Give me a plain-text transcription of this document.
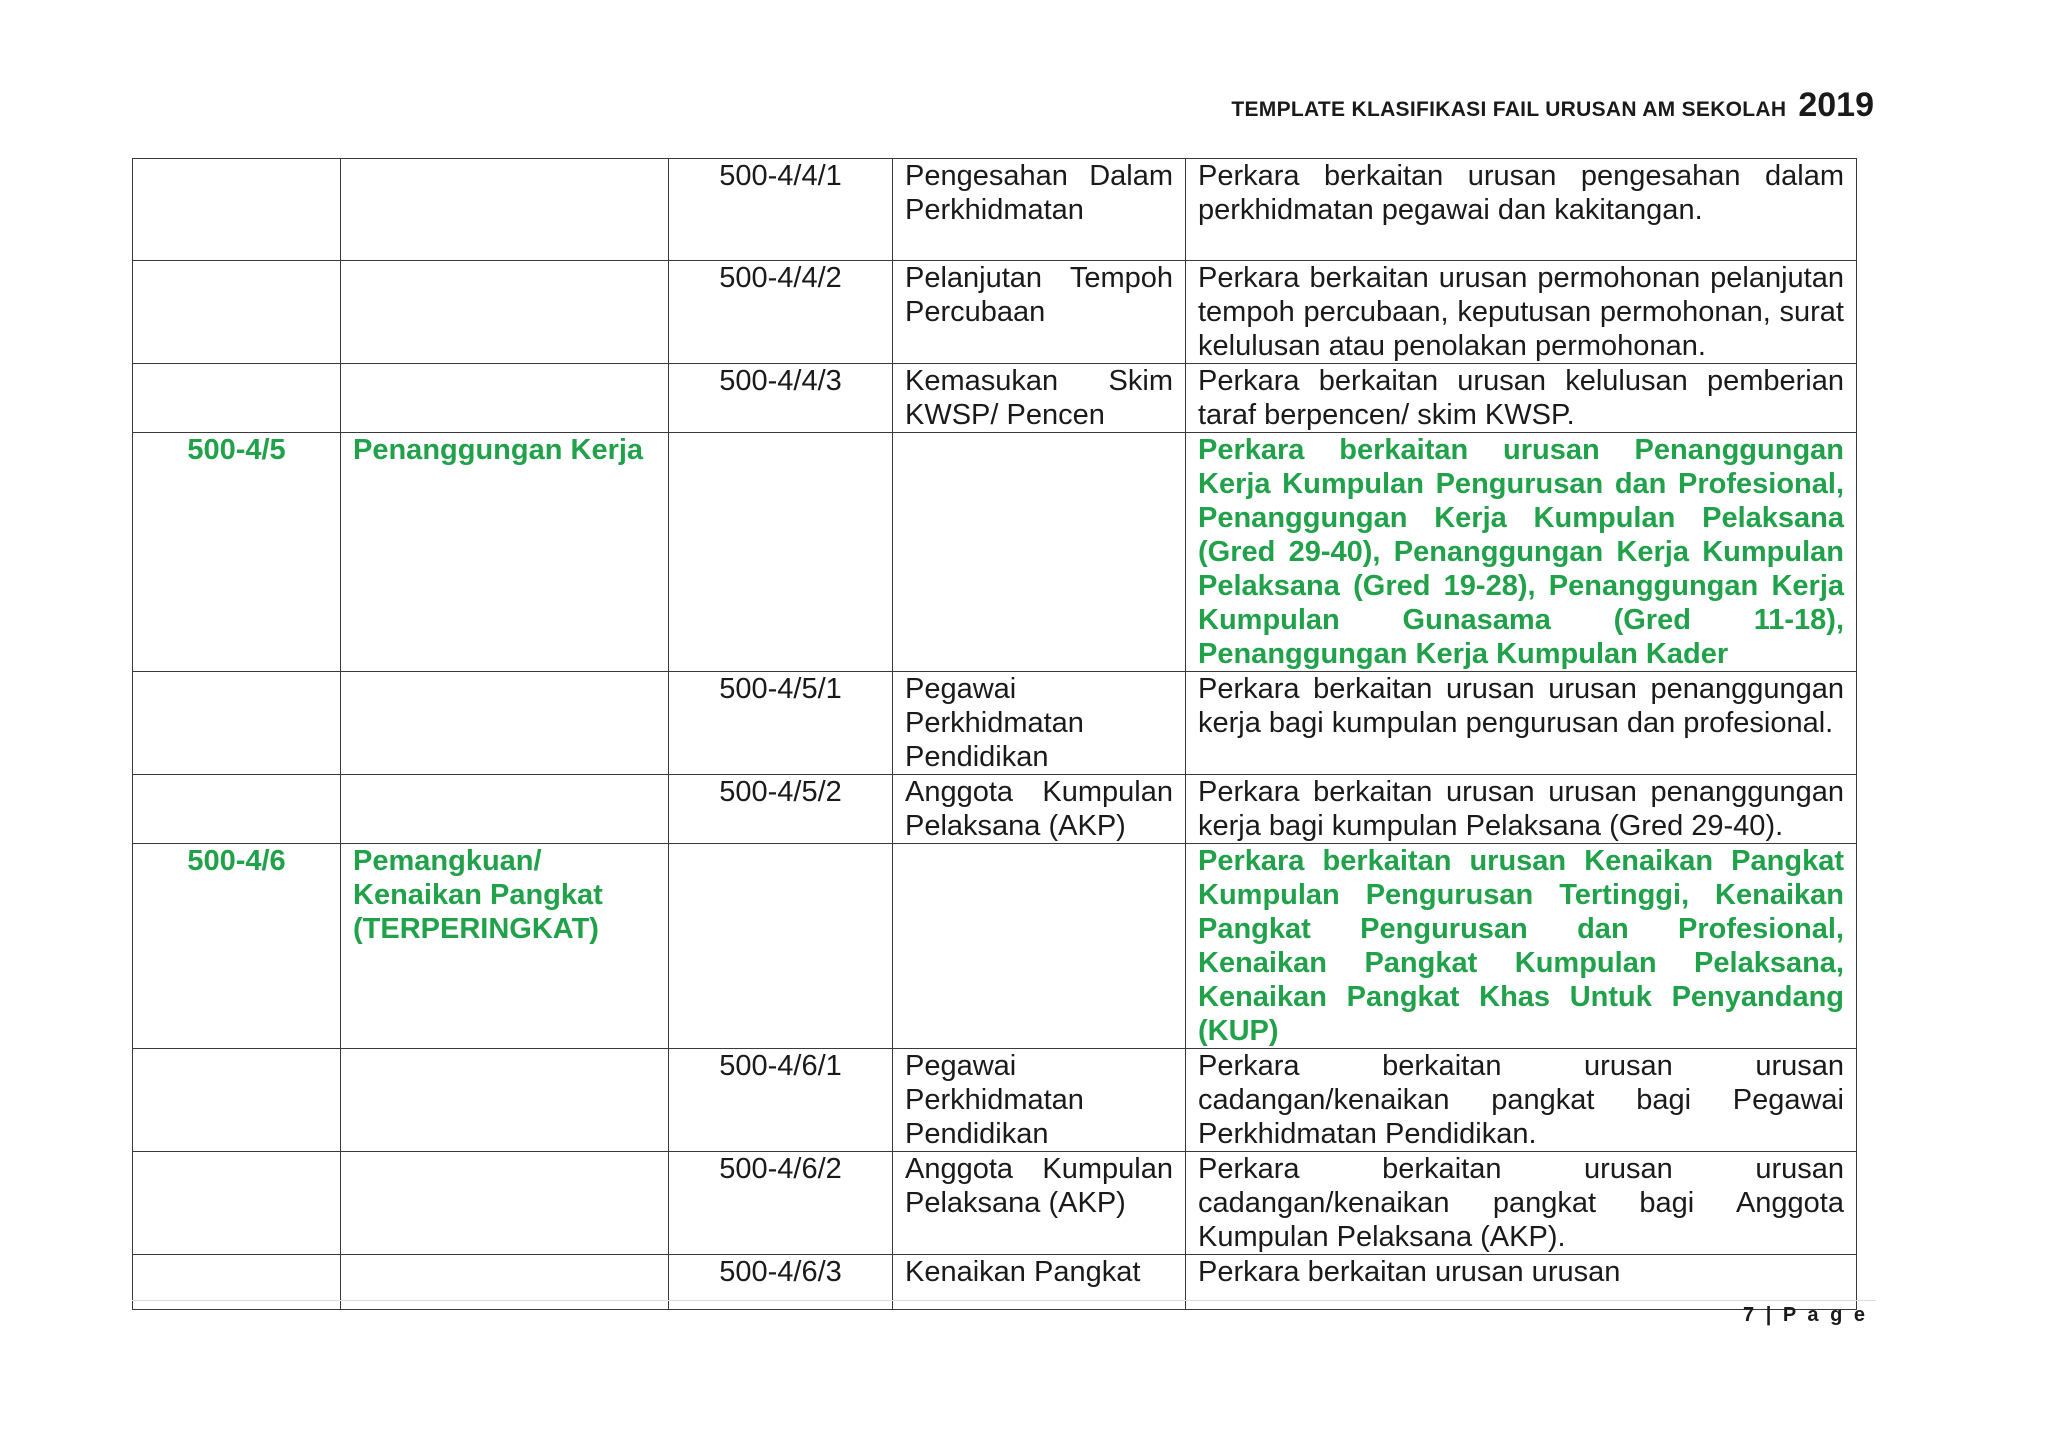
TEMPLATE KLASIFIKASI FAIL URUSAN AM SEKOLAH 2019
		500-4/4/1	Pengesahan Dalam Perkhidmatan	Perkara berkaitan urusan pengesahan dalam perkhidmatan pegawai dan kakitangan.
		500-4/4/2	Pelanjutan Tempoh Percubaan	Perkara berkaitan urusan permohonan pelanjutan tempoh percubaan, keputusan permohonan, surat kelulusan atau penolakan permohonan.
		500-4/4/3	Kemasukan Skim KWSP/ Pencen	Perkara berkaitan urusan kelulusan pemberian taraf berpencen/ skim KWSP.
500-4/5	Penanggungan Kerja			Perkara berkaitan urusan Penanggungan Kerja Kumpulan Pengurusan dan Profesional, Penanggungan Kerja Kumpulan Pelaksana (Gred 29-40), Penanggungan Kerja Kumpulan Pelaksana (Gred 19-28), Penanggungan Kerja Kumpulan Gunasama (Gred 11-18), Penanggungan Kerja Kumpulan Kader
		500-4/5/1	Pegawai Perkhidmatan Pendidikan	Perkara berkaitan urusan urusan penanggungan kerja bagi kumpulan pengurusan dan profesional.
		500-4/5/2	Anggota Kumpulan Pelaksana (AKP)	Perkara berkaitan urusan urusan penanggungan kerja bagi kumpulan Pelaksana (Gred 29-40).
500-4/6	Pemangkuan/ Kenaikan Pangkat (TERPERINGKAT)			Perkara berkaitan urusan Kenaikan Pangkat Kumpulan Pengurusan Tertinggi, Kenaikan Pangkat Pengurusan dan Profesional, Kenaikan Pangkat Kumpulan Pelaksana, Kenaikan Pangkat Khas Untuk Penyandang (KUP)
		500-4/6/1	Pegawai Perkhidmatan Pendidikan	Perkara berkaitan urusan urusan cadangan/kenaikan pangkat bagi Pegawai Perkhidmatan Pendidikan.
		500-4/6/2	Anggota Kumpulan Pelaksana (AKP)	Perkara berkaitan urusan urusan cadangan/kenaikan pangkat bagi Anggota Kumpulan Pelaksana (AKP).
		500-4/6/3	Kenaikan Pangkat	Perkara berkaitan urusan urusan
7 | P a g e
